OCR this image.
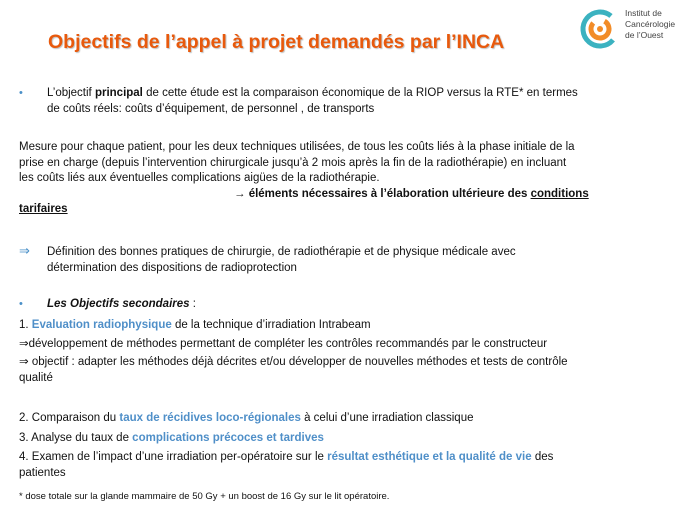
Objectifs de l’appel à projet demandés par l’INCA
Institut de
Cancérologie
de l’Ouest
• L’objectif principal de cette étude est la comparaison économique de la RIOP versus la RTE* en termes
de coûts réels: coûts d’équipement, de personnel , de transports
Mesure pour chaque patient, pour les deux techniques utilisées, de tous les coûts liés à la phase initiale de la
prise en charge (depuis l’intervention chirurgicale jusqu’à 2 mois après la fin de la radiothérapie) en incluant
les coûts liés aux éventuelles complications aigües de la radiothérapie.
→ éléments nécessaires à l’élaboration ultérieure des conditions
tarifaires
⇒ Définition des bonnes pratiques de chirurgie, de radiothérapie et de physique médicale avec
détermination des dispositions de radioprotection
• Les Objectifs secondaires :
1. Evaluation radiophysique de la technique d’irradiation Intrabeam
⇒développement de méthodes permettant de compléter les contrôles recommandés par le constructeur
⇒ objectif : adapter les méthodes déjà décrites et/ou développer de nouvelles méthodes et tests de contrôle
qualité
2. Comparaison du taux de récidives loco-régionales à celui d’une irradiation classique
3. Analyse du taux de complications précoces et tardives
4. Examen de l’impact d’une irradiation per-opératoire sur le résultat esthétique et la qualité de vie des
patientes
* dose totale sur la glande mammaire de 50 Gy + un boost de 16 Gy sur le lit opératoire.
